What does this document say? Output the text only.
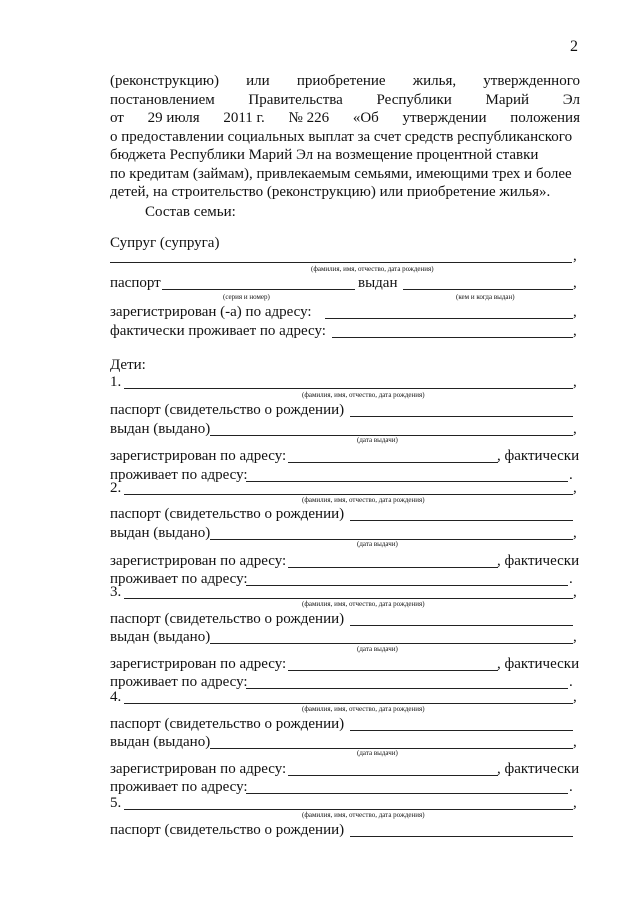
2
(реконструкцию) или приобретение жилья, утвержденного
постановлением Правительства Республики Марий Эл
от 29 июля 2011 г. № 226 «Об утверждении положения
о предоставлении социальных выплат за счет средств республиканского
бюджета Республики Марий Эл на возмещение процентной ставки
по кредитам (займам), привлекаемым семьями, имеющими трех и более
детей, на строительство (реконструкцию) или приобретение жилья».
Состав семьи:
Супруг (супруга)
,
(фамилия, имя, отчество, дата рождения)
паспорт	выдан	,
(серия и номер)	(кем и когда выдан)
зарегистрирован (-а) по адресу:	,
фактически проживает по адресу:	,
Дети:
1.	,
(фамилия, имя, отчество, дата рождения)
паспорт (свидетельство о рождении)
выдан (выдано)	,
(дата выдачи)
зарегистрирован по адресу:	, фактически
проживает по адресу:	.
2.	,
(фамилия, имя, отчество, дата рождения)
паспорт (свидетельство о рождении)
выдан (выдано)	,
(дата выдачи)
зарегистрирован по адресу:	, фактически
проживает по адресу:	.
3.	,
(фамилия, имя, отчество, дата рождения)
паспорт (свидетельство о рождении)
выдан (выдано)	,
(дата выдачи)
зарегистрирован по адресу:	, фактически
проживает по адресу:	.
4.	,
(фамилия, имя, отчество, дата рождения)
паспорт (свидетельство о рождении)
выдан (выдано)	,
(дата выдачи)
зарегистрирован по адресу:	, фактически
проживает по адресу:	.
5.	,
(фамилия, имя, отчество, дата рождения)
паспорт (свидетельство о рождении)
